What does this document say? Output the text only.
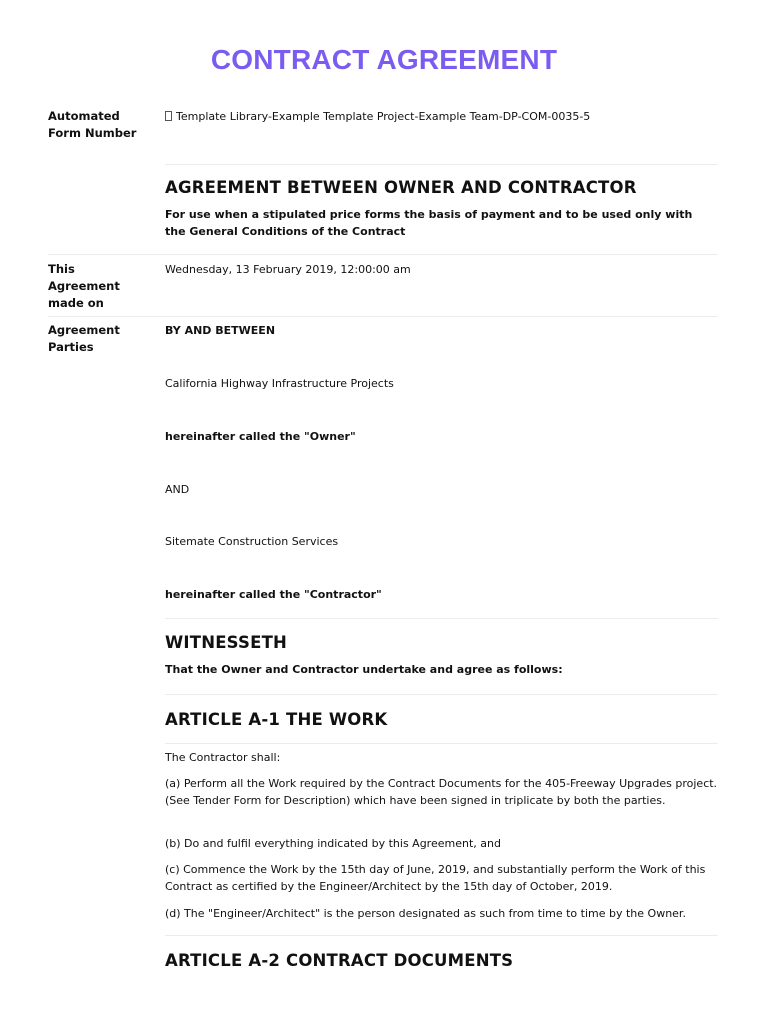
CONTRACT AGREEMENT
Automated Form Number
Template Library-Example Template Project-Example Team-DP-COM-0035-5
AGREEMENT BETWEEN OWNER AND CONTRACTOR
For use when a stipulated price forms the basis of payment and to be used only with the General Conditions of the Contract
This Agreement made on
Wednesday, 13 February 2019, 12:00:00 am
Agreement Parties
BY AND BETWEEN
California Highway Infrastructure Projects
hereinafter called the "Owner"
AND
Sitemate Construction Services
hereinafter called the "Contractor"
WITNESSETH
That the Owner and Contractor undertake and agree as follows:
ARTICLE A-1 THE WORK
The Contractor shall:
(a) Perform all the Work required by the Contract Documents for the 405-Freeway Upgrades project. (See Tender Form for Description) which have been signed in triplicate by both the parties.
(b) Do and fulfil everything indicated by this Agreement, and
(c) Commence the Work by the 15th day of June, 2019, and substantially perform the Work of this Contract as certified by the Engineer/Architect by the 15th day of October, 2019.
(d) The "Engineer/Architect" is the person designated as such from time to time by the Owner.
ARTICLE A-2 CONTRACT DOCUMENTS
